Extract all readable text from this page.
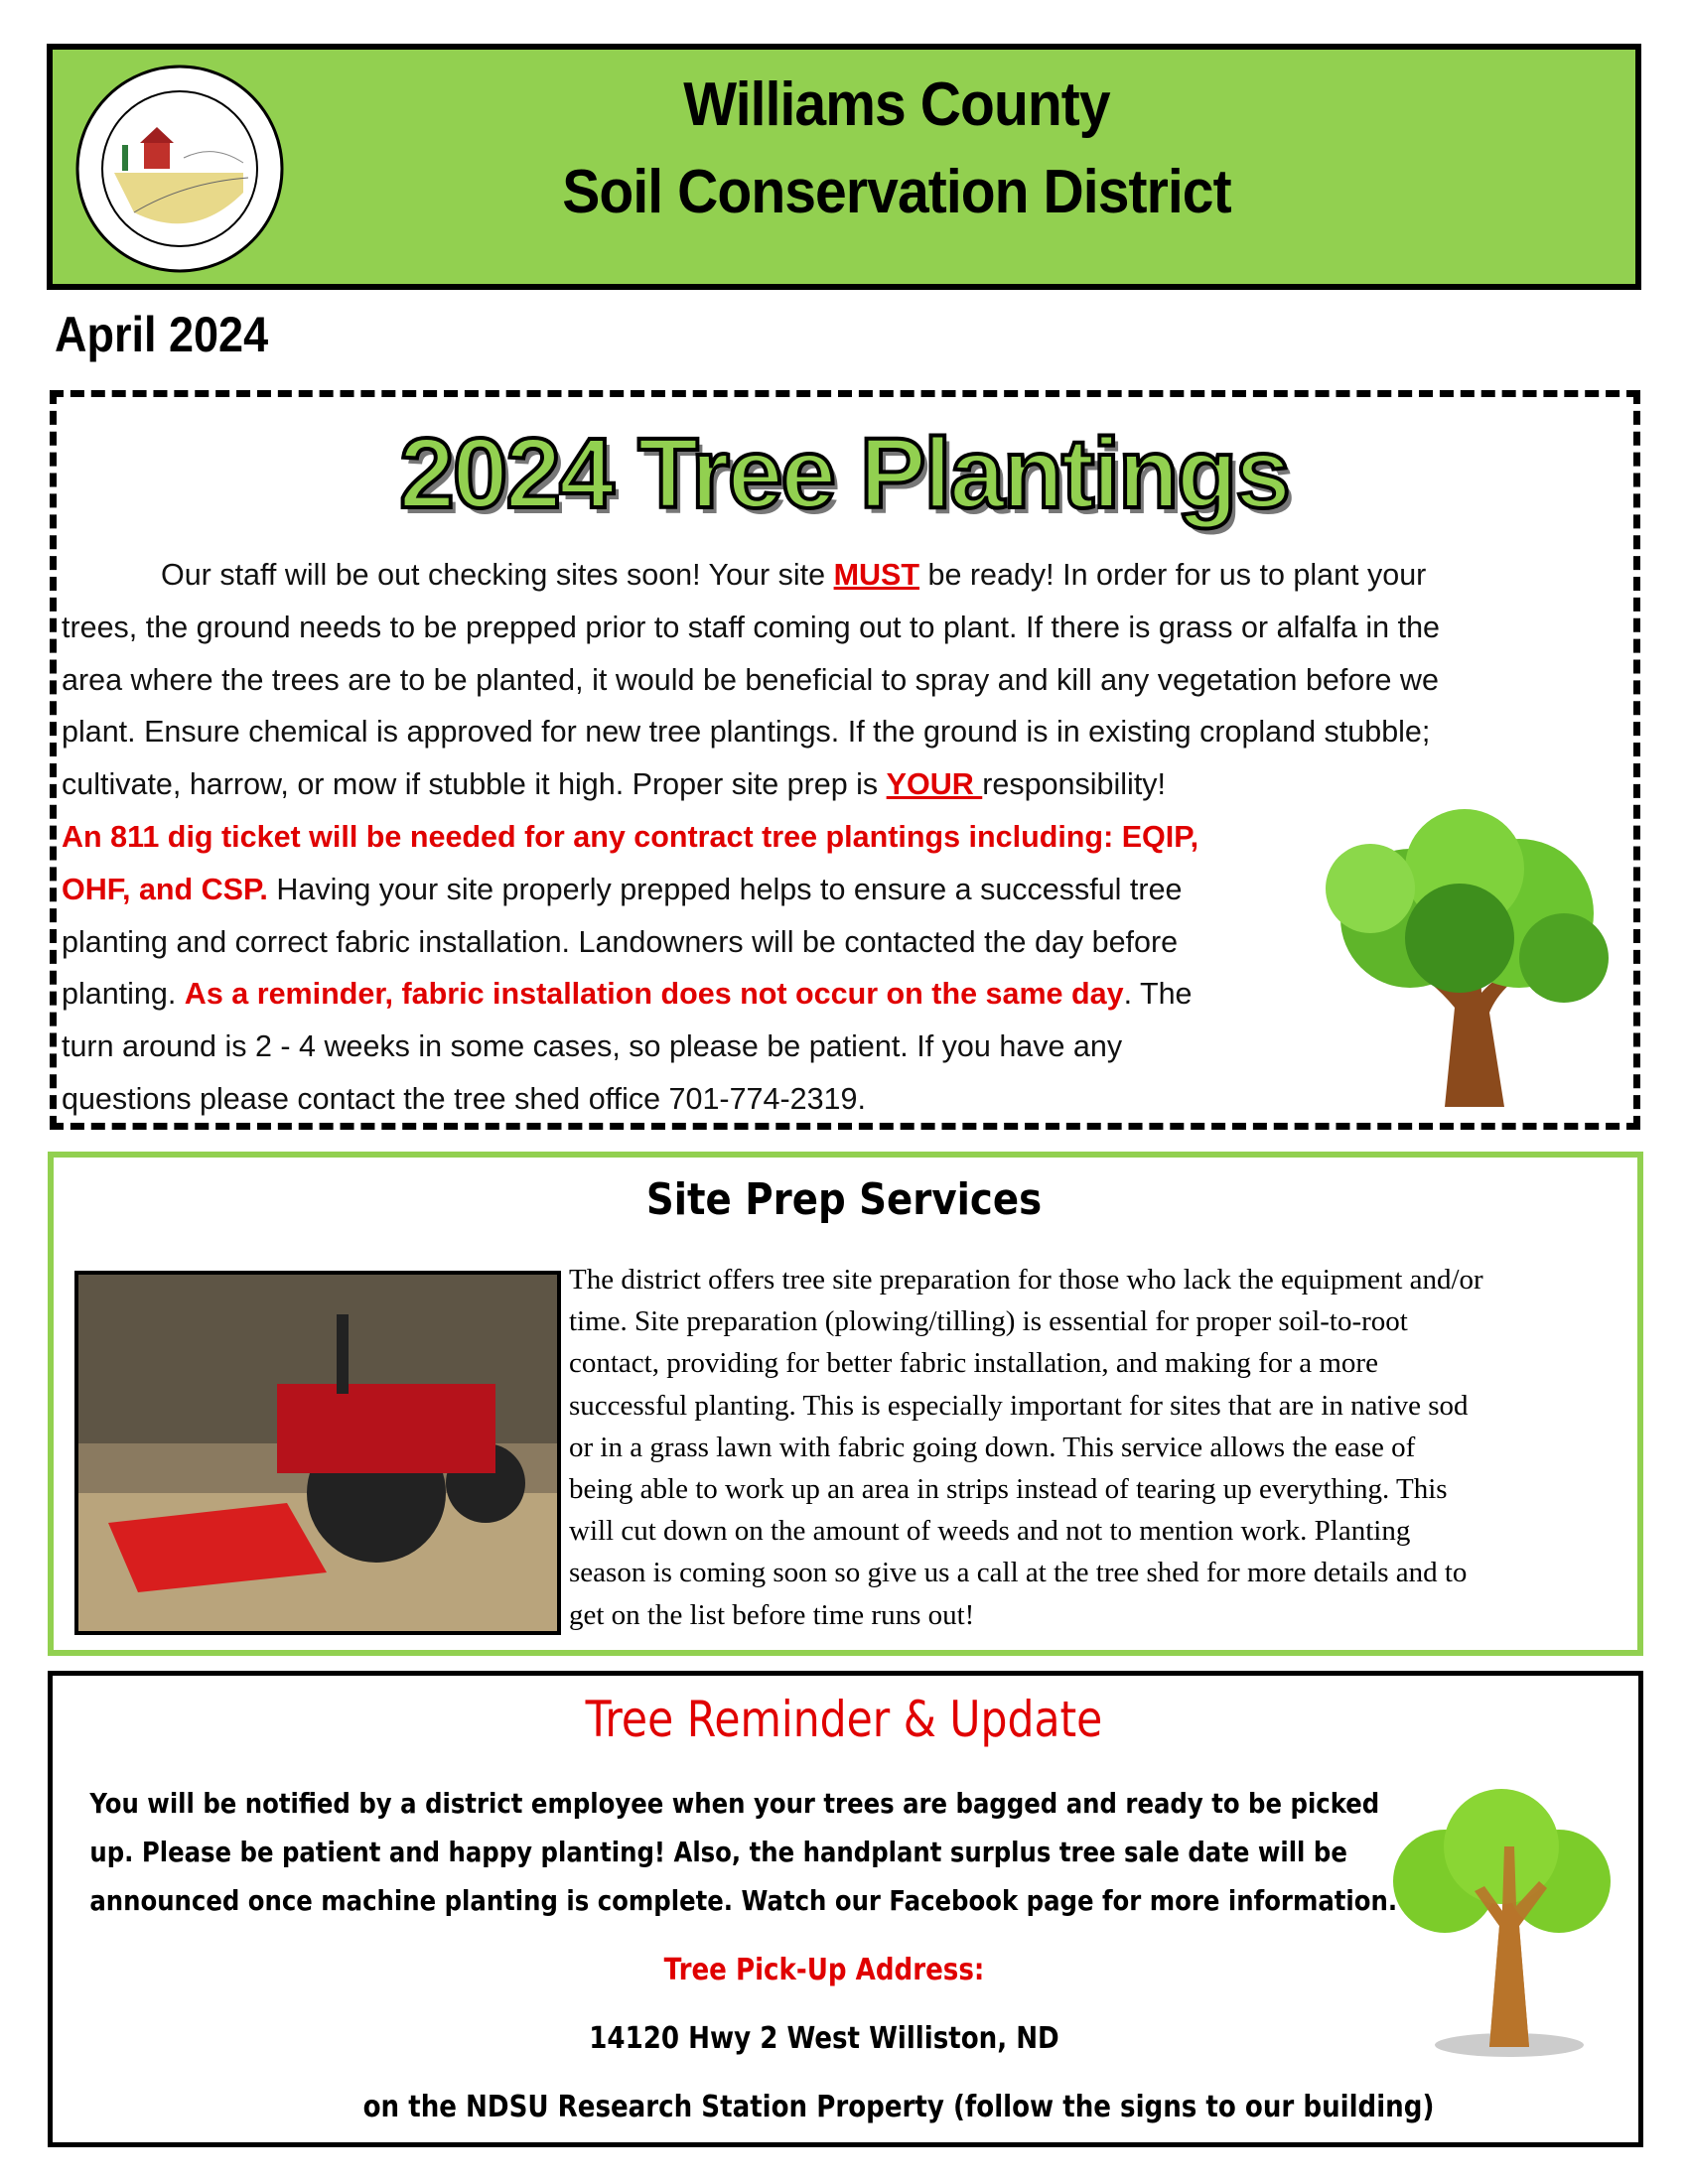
Williams County
Soil Conservation District
April 2024
2024 Tree Plantings

Our staff will be out checking sites soon! Your site MUST be ready! In order for us to plant your

trees, the ground needs to be prepped prior to staff coming out to plant. If there is grass or alfalfa in the

area where the trees are to be planted, it would be beneficial to spray and kill any vegetation before we

plant. Ensure chemical is approved for new tree plantings. If the ground is in existing cropland stubble;

cultivate, harrow, or mow if stubble it high. Proper site prep is YOUR responsibility!

An 811 dig ticket will be needed for any contract tree plantings including: EQIP,

OHF, and CSP. Having your site properly prepped helps to ensure a successful tree

planting and correct fabric installation. Landowners will be contacted the day before

planting. As a reminder, fabric installation does not occur on the same day. The

turn around is 2 - 4 weeks in some cases, so please be patient. If you have any

questions please contact the tree shed office 701-774-2319.

Site Prep Services
The district offers tree site preparation for those who lack the equipment and/or
time. Site preparation (plowing/tilling) is essential for proper soil-to-root
contact, providing for better fabric installation, and making for a more
successful planting. This is especially important for sites that are in native sod
or in a grass lawn with fabric going down. This service allows the ease of
being able to work up an area in strips instead of tearing up everything. This
will cut down on the amount of weeds and not to mention work. Planting
season is coming soon so give us a call at the tree shed for more details and to
get on the list before time runs out!
Tree Reminder & Update
You will be notified by a district employee when your trees are bagged and ready to be picked
up. Please be patient and happy planting! Also, the handplant surplus tree sale date will be
announced once machine planting is complete. Watch our Facebook page for more information.
Tree Pick-Up Address:
14120 Hwy 2 West Williston, ND
on the NDSU Research Station Property (follow the signs to our building)
